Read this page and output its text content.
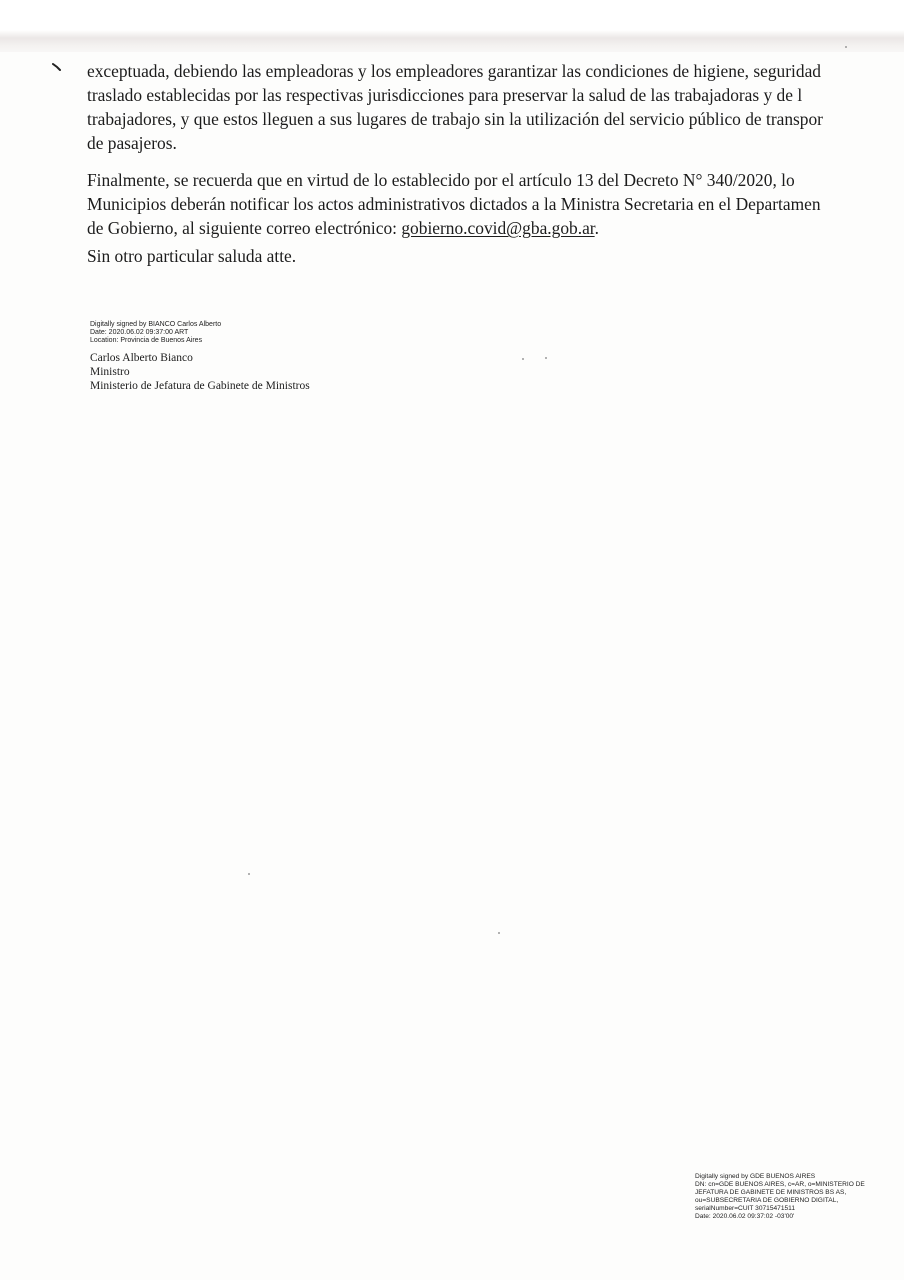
exceptuada, debiendo las empleadoras y los empleadores garantizar las condiciones de higiene, seguridad
traslado establecidas por las respectivas jurisdicciones para preservar la salud de las trabajadoras y de l
trabajadores, y que estos lleguen a sus lugares de trabajo sin la utilización del servicio público de transpor
de pasajeros.

Finalmente, se recuerda que en virtud de lo establecido por el artículo 13 del Decreto N° 340/2020, lo
Municipios deberán notificar los actos administrativos dictados a la Ministra Secretaria en el Departamen
de Gobierno, al siguiente correo electrónico: gobierno.covid@gba.gob.ar.

Sin otro particular saluda atte.

Digitally signed by BIANCO Carlos Alberto
Date: 2020.06.02 09:37:00 ART
Location: Provincia de Buenos Aires
Carlos Alberto Bianco
Ministro
Ministerio de Jefatura de Gabinete de Ministros
Digitally signed by GDE BUENOS AIRES
DN: cn=GDE BUENOS AIRES, c=AR, o=MINISTERIO DE
JEFATURA DE GABINETE DE MINISTROS BS AS,
ou=SUBSECRETARIA DE GOBIERNO DIGITAL,
serialNumber=CUIT 30715471511
Date: 2020.06.02 09:37:02 -03'00'
